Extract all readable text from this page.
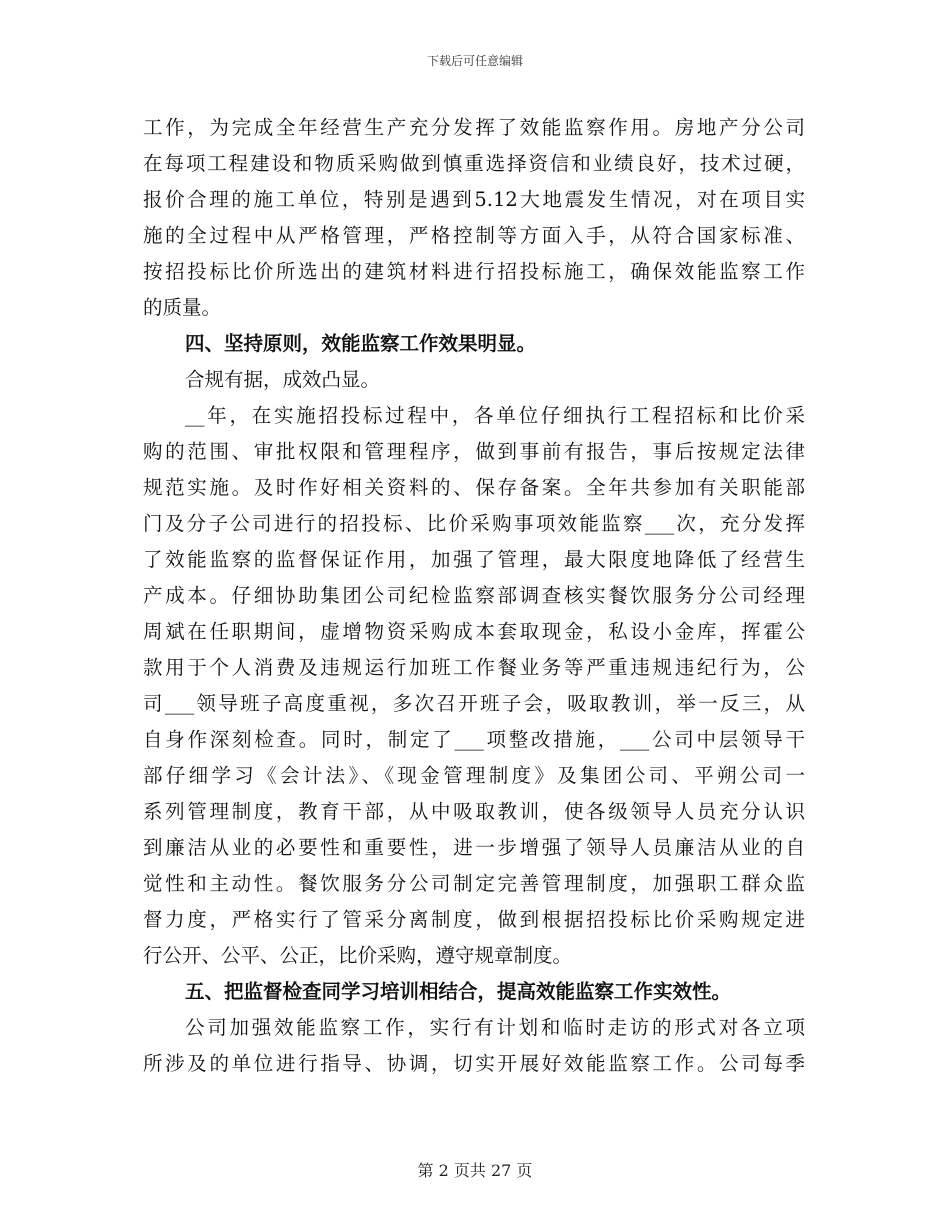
下载后可任意编辑
工作，为完成全年经营生产充分发挥了效能监察作用。房地产分公司
在每项工程建设和物质采购做到慎重选择资信和业绩良好，技术过硬，
报价合理的施工单位，特别是遇到5.12大地震发生情况，对在项目实
施的全过程中从严格管理，严格控制等方面入手，从符合国家标准、
按招投标比价所选出的建筑材料进行招投标施工，确保效能监察工作
的质量。
四、坚持原则，效能监察工作效果明显。
合规有据，成效凸显。
__年，在实施招投标过程中，各单位仔细执行工程招标和比价采
购的范围、审批权限和管理程序，做到事前有报告，事后按规定法律
规范实施。及时作好相关资料的、保存备案。全年共参加有关职能部
门及分子公司进行的招投标、比价采购事项效能监察___次，充分发挥
了效能监察的监督保证作用，加强了管理，最大限度地降低了经营生
产成本。仔细协助集团公司纪检监察部调查核实餐饮服务分公司经理
周斌在任职期间，虚增物资采购成本套取现金，私设小金库，挥霍公
款用于个人消费及违规运行加班工作餐业务等严重违规违纪行为，公
司___领导班子高度重视，多次召开班子会，吸取教训，举一反三，从
自身作深刻检查。同时，制定了___项整改措施，___公司中层领导干
部仔细学习《会计法》、《现金管理制度》及集团公司、平朔公司一
系列管理制度，教育干部，从中吸取教训，使各级领导人员充分认识
到廉洁从业的必要性和重要性，进一步增强了领导人员廉洁从业的自
觉性和主动性。餐饮服务分公司制定完善管理制度，加强职工群众监
督力度，严格实行了管采分离制度，做到根据招投标比价采购规定进
行公开、公平、公正，比价采购，遵守规章制度。
五、把监督检查同学习培训相结合，提高效能监察工作实效性。
公司加强效能监察工作，实行有计划和临时走访的形式对各立项
所涉及的单位进行指导、协调，切实开展好效能监察工作。公司每季
第 2 页共 27 页
